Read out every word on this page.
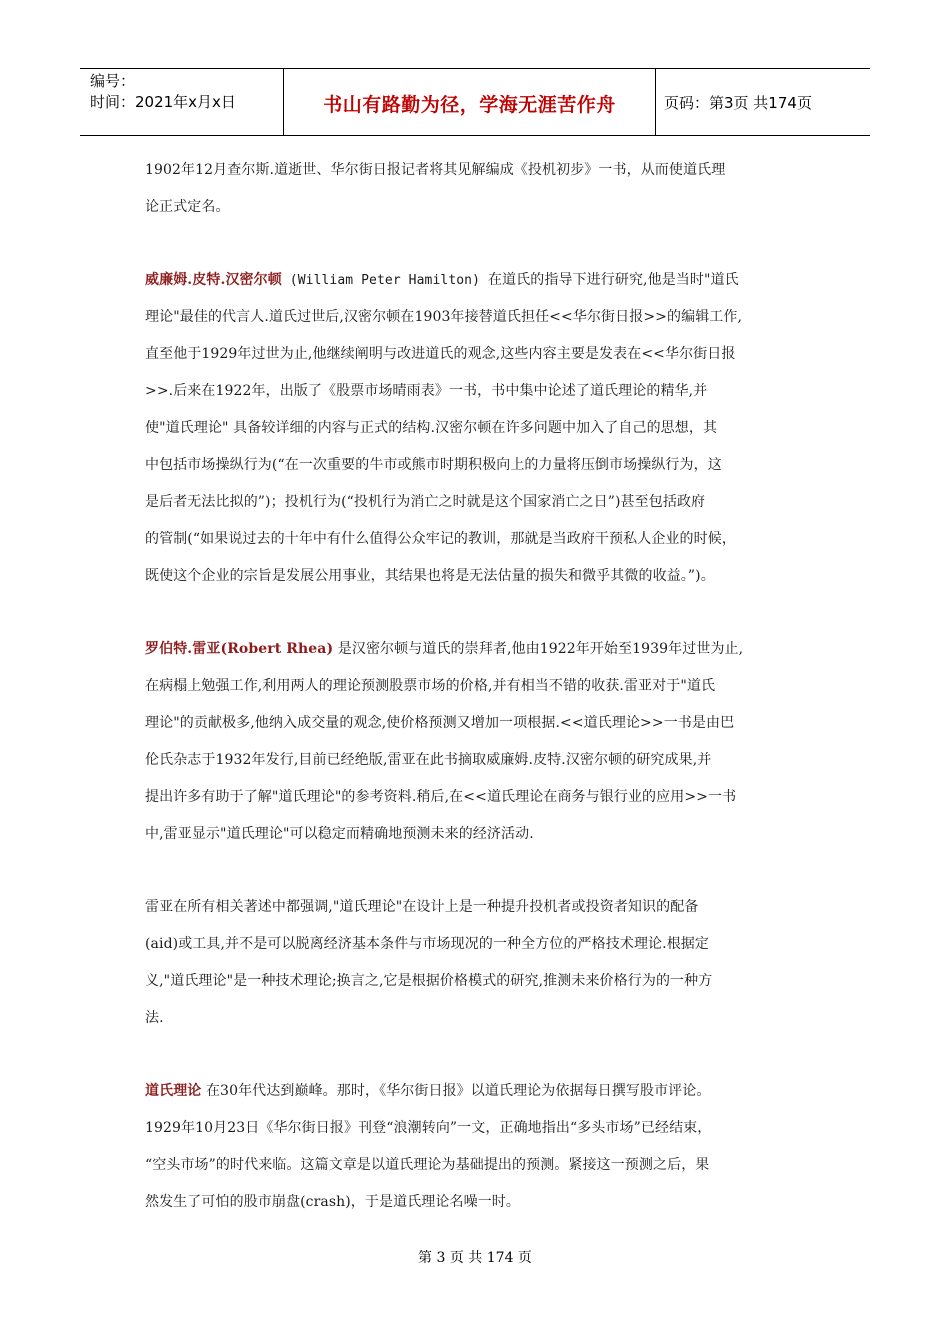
编号：
时间：2021年x月x日	书山有路勤为径，学海无涯苦作舟	页码：第3页 共174页
1902年12月查尔斯.道逝世、华尔街日报记者将其见解编成《投机初步》一书，从而使道氏理
论正式定名。
威廉姆.皮特.汉密尔顿 (William Peter Hamilton) 在道氏的指导下进行研究,他是当时"道氏
理论"最佳的代言人.道氏过世后,汉密尔顿在1903年接替道氏担任<<华尔街日报>>的编辑工作,
直至他于1929年过世为止,他继续阐明与改进道氏的观念,这些内容主要是发表在<<华尔街日报
>>.后来在1922年，出版了《股票市场晴雨表》一书，书中集中论述了道氏理论的精华,并
使"道氏理论" 具备较详细的内容与正式的结构.汉密尔顿在许多问题中加入了自己的思想，其
中包括市场操纵行为(“在一次重要的牛市或熊市时期积极向上的力量将压倒市场操纵行为，这
是后者无法比拟的”)；投机行为(“投机行为消亡之时就是这个国家消亡之日”)甚至包括政府
的管制(“如果说过去的十年中有什么值得公众牢记的教训，那就是当政府干预私人企业的时候，
既使这个企业的宗旨是发展公用事业，其结果也将是无法估量的损失和微乎其微的收益。”)。
罗伯特.雷亚(Robert Rhea) 是汉密尔顿与道氏的崇拜者,他由1922年开始至1939年过世为止,
在病榻上勉强工作,利用两人的理论预测股票市场的价格,并有相当不错的收获.雷亚对于"道氏
理论"的贡献极多,他纳入成交量的观念,使价格预测又增加一项根据.<<道氏理论>>一书是由巴
伦氏杂志于1932年发行,目前已经绝版,雷亚在此书摘取威廉姆.皮特.汉密尔顿的研究成果,并
提出许多有助于了解"道氏理论"的参考资料.稍后,在<<道氏理论在商务与银行业的应用>>一书
中,雷亚显示"道氏理论"可以稳定而精确地预测未来的经济活动.
雷亚在所有相关著述中都强调,"道氏理论"在设计上是一种提升投机者或投资者知识的配备
(aid)或工具,并不是可以脱离经济基本条件与市场现况的一种全方位的严格技术理论.根据定
义,"道氏理论"是一种技术理论;换言之,它是根据价格模式的研究,推测未来价格行为的一种方
法.
道氏理论 在30年代达到巅峰。那时，《华尔街日报》以道氏理论为依据每日撰写股市评论。
1929年10月23日《华尔街日报》刊登“浪潮转向”一文，正确地指出“多头市场”已经结束，
“空头市场”的时代来临。这篇文章是以道氏理论为基础提出的预测。紧接这一预测之后，果
然发生了可怕的股市崩盘(crash)，于是道氏理论名噪一时。
第 3 页 共 174 页
